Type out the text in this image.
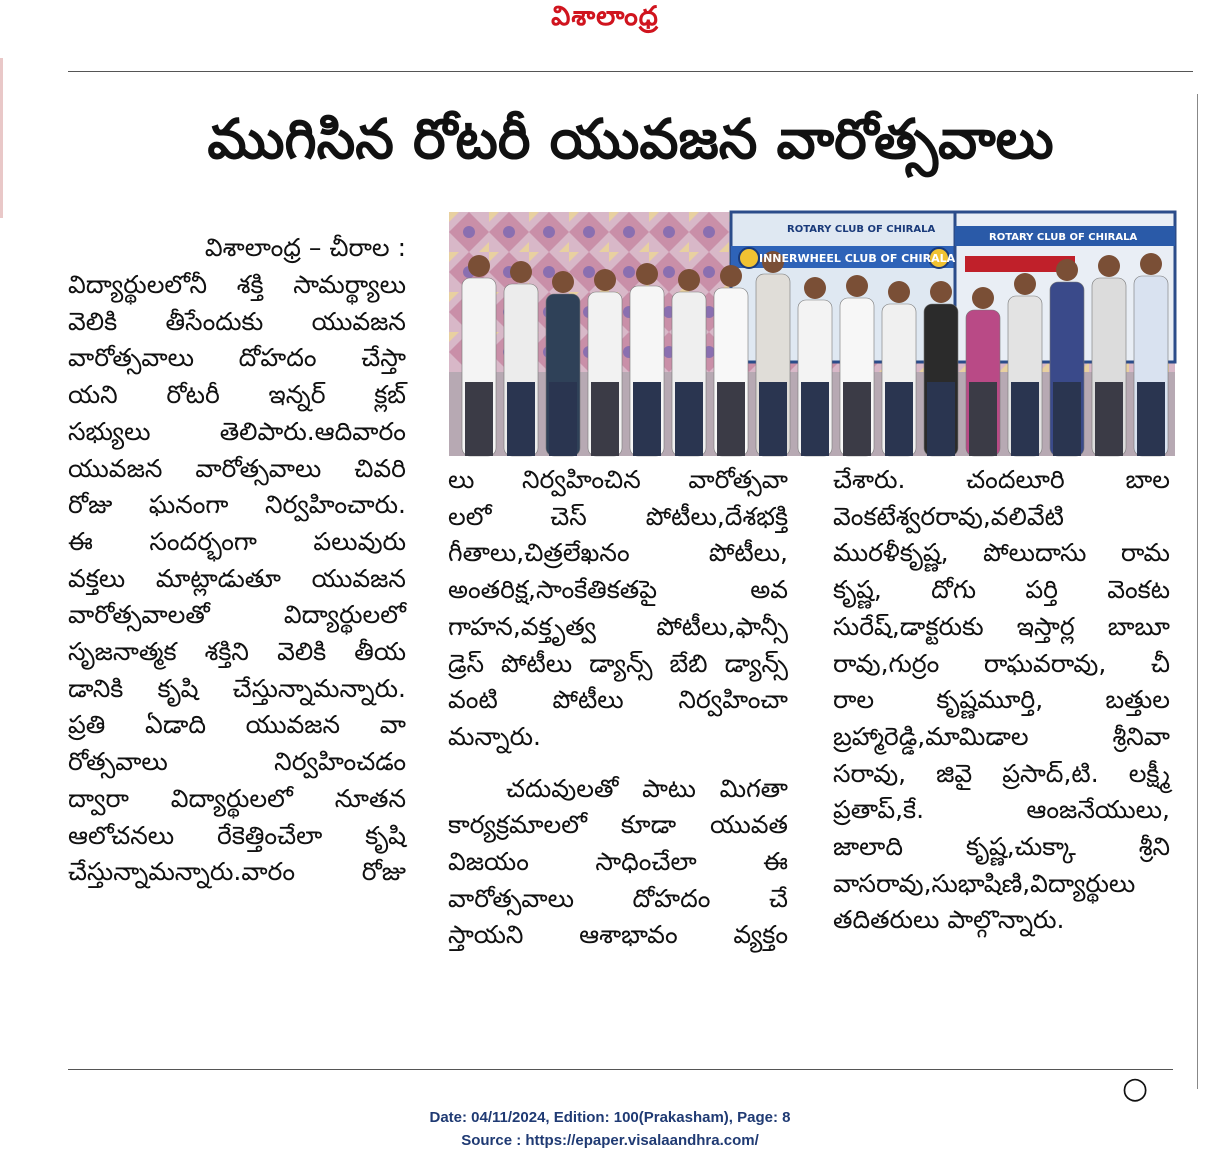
విశాలాంధ్ర
ముగిసిన రోటరీ యువజన వారోత్సవాలు
విశాలాంధ్ర – చీరాల :
విద్యార్థులలోనీ శక్తి సామర్థ్యాలు
వెలికి తీసేందుకు యువజన
వారోత్సవాలు దోహదం చేస్తా
యని రోటరీ ఇన్నర్ క్లబ్
సభ్యులు తెలిపారు.ఆదివారం
యువజన వారోత్సవాలు చివరి
రోజు ఘనంగా నిర్వహించారు.
ఈ సందర్భంగా పలువురు
వక్తలు మాట్లాడుతూ యువజన
వారోత్సవాలతో విద్యార్థులలో
సృజనాత్మక శక్తిని వెలికి తీయ
డానికి కృషి చేస్తున్నామన్నారు.
ప్రతి ఏడాది యువజన వా
రోత్సవాలు నిర్వహించడం
ద్వారా విద్యార్థులలో నూతన
ఆలోచనలు రేకెత్తించేలా కృషి
చేస్తున్నామన్నారు.వారం రోజు
ROTARY CLUB OF CHIRALA
INNERWHEEL CLUB OF CHIRALA
ROTARY CLUB OF CHIRALA
లు నిర్వహించిన వారోత్సవా
లలో చెస్ పోటీలు,దేశభక్తి
గీతాలు,చిత్రలేఖనం పోటీలు,
అంతరిక్ష,సాంకేతికతపై అవ
గాహన,వక్తృత్వ పోటీలు,ఫాన్సీ
డ్రెస్ పోటీలు డ్యాన్స్ బేబి డ్యాన్స్
వంటి పోటీలు నిర్వహించా
మన్నారు.
చదువులతో పాటు మిగతా
కార్యక్రమాలలో కూడా యువత
విజయం సాధించేలా ఈ
వారోత్సవాలు దోహదం చే
స్తాయని ఆశాభావం వ్యక్తం
చేశారు. చందలూరి బాల
వెంకటేశ్వరరావు,వలివేటి
మురళీకృష్ణ, పోలుదాసు రామ
కృష్ణ, దోగు పర్తి వెంకట
సురేష్,డాక్టరుకు ఇస్తార్ల బాబూ
రావు,గుర్రం రాఘవరావు, చీ
రాల కృష్ణమూర్తి, బత్తుల
బ్రహ్మారెడ్డి,మామిడాల శ్రీనివా
సరావు, జివై ప్రసాద్,టి. లక్ష్మీ
ప్రతాప్,కే. ఆంజనేయులు,
జాలాది కృష్ణ,చుక్కా శ్రీని
వాసరావు,సుభాషిణి,విద్యార్థులు
తదితరులు పాల్గొన్నారు.
○
Date: 04/11/2024, Edition: 100(Prakasham), Page: 8
Source : https://epaper.visalaandhra.com/
